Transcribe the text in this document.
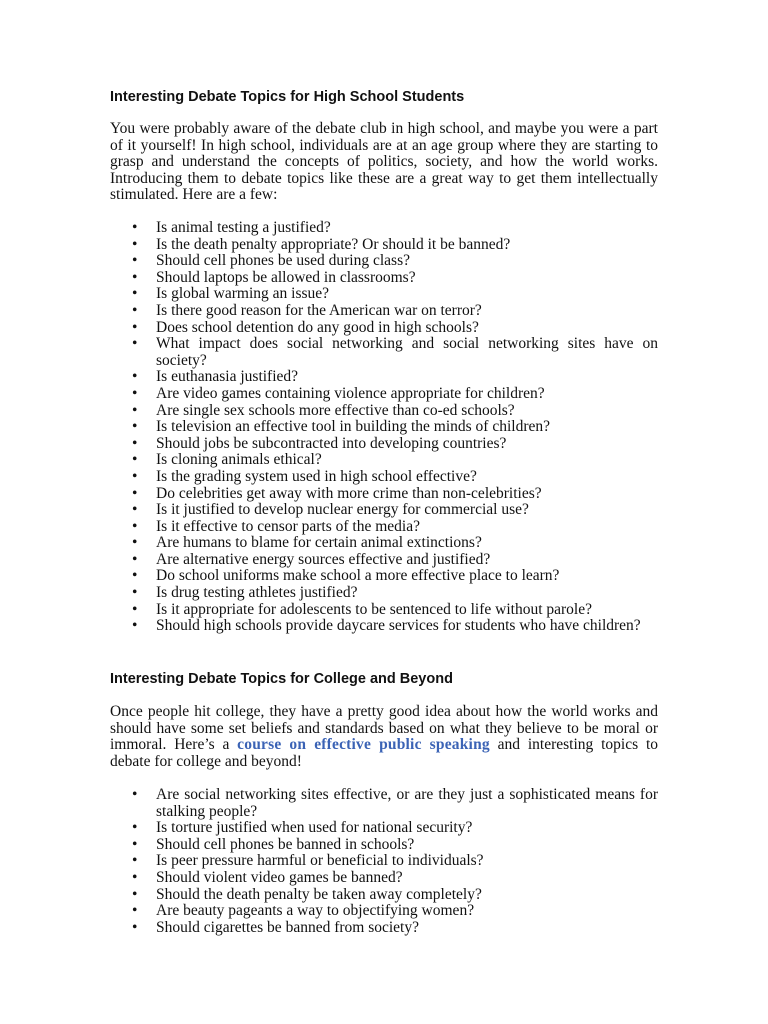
Interesting Debate Topics for High School Students

You were probably aware of the debate club in high school, and maybe you were a part of it yourself! In high school, individuals are at an age group where they are starting to grasp and understand the concepts of politics, society, and how the world works. Introducing them to debate topics like these are a great way to get them intellectually stimulated. Here are a few:

• Is animal testing a justified?
• Is the death penalty appropriate? Or should it be banned?
• Should cell phones be used during class?
• Should laptops be allowed in classrooms?
• Is global warming an issue?
• Is there good reason for the American war on terror?
• Does school detention do any good in high schools?
• What impact does social networking and social networking sites have on society?
• Is euthanasia justified?
• Are video games containing violence appropriate for children?
• Are single sex schools more effective than co-ed schools?
• Is television an effective tool in building the minds of children?
• Should jobs be subcontracted into developing countries?
• Is cloning animals ethical?
• Is the grading system used in high school effective?
• Do celebrities get away with more crime than non-celebrities?
• Is it justified to develop nuclear energy for commercial use?
• Is it effective to censor parts of the media?
• Are humans to blame for certain animal extinctions?
• Are alternative energy sources effective and justified?
• Do school uniforms make school a more effective place to learn?
• Is drug testing athletes justified?
• Is it appropriate for adolescents to be sentenced to life without parole?
• Should high schools provide daycare services for students who have children?
Interesting Debate Topics for College and Beyond

Once people hit college, they have a pretty good idea about how the world works and should have some set beliefs and standards based on what they believe to be moral or immoral. Here’s a course on effective public speaking and interesting topics to debate for college and beyond!

• Are social networking sites effective, or are they just a sophisticated means for stalking people?
• Is torture justified when used for national security?
• Should cell phones be banned in schools?
• Is peer pressure harmful or beneficial to individuals?
• Should violent video games be banned?
• Should the death penalty be taken away completely?
• Are beauty pageants a way to objectifying women?
• Should cigarettes be banned from society?
